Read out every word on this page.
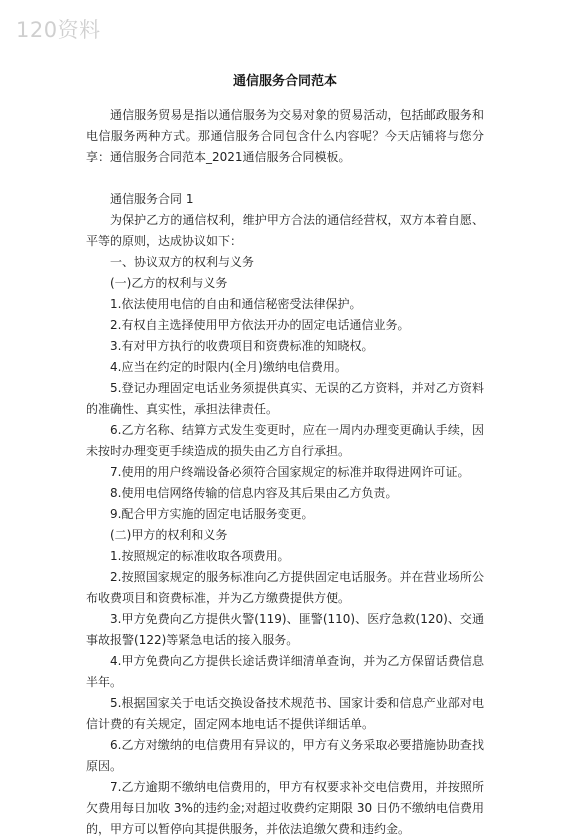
120资料
通信服务合同范本

通信服务贸易是指以通信服务为交易对象的贸易活动，包括邮政服务和电信服务两种方式。那通信服务合同包含什么内容呢？今天店铺将与您分享：通信服务合同范本_2021通信服务合同模板。

通信服务合同 1

为保护乙方的通信权利，维护甲方合法的通信经营权，双方本着自愿、平等的原则，达成协议如下：

一、协议双方的权利与义务

(一)乙方的权利与义务

1.依法使用电信的自由和通信秘密受法律保护。

2.有权自主选择使用甲方依法开办的固定电话通信业务。

3.有对甲方执行的收费项目和资费标准的知晓权。

4.应当在约定的时限内(全月)缴纳电信费用。

5.登记办理固定电话业务须提供真实、无误的乙方资料，并对乙方资料的准确性、真实性，承担法律责任。

6.乙方名称、结算方式发生变更时，应在一周内办理变更确认手续，因未按时办理变更手续造成的损失由乙方自行承担。

7.使用的用户终端设备必须符合国家规定的标准并取得进网许可证。

8.使用电信网络传输的信息内容及其后果由乙方负责。

9.配合甲方实施的固定电话服务变更。

(二)甲方的权利和义务

1.按照规定的标准收取各项费用。

2.按照国家规定的服务标准向乙方提供固定电话服务。并在营业场所公布收费项目和资费标准，并为乙方缴费提供方便。

3.甲方免费向乙方提供火警(119)、匪警(110)、医疗急救(120)、交通事故报警(122)等紧急电话的接入服务。

4.甲方免费向乙方提供长途话费详细清单查询，并为乙方保留话费信息半年。

5.根据国家关于电话交换设备技术规范书、国家计委和信息产业部对电信计费的有关规定，固定网本地电话不提供详细话单。

6.乙方对缴纳的电信费用有异议的，甲方有义务采取必要措施协助查找原因。

7.乙方逾期不缴纳电信费用的，甲方有权要求补交电信费用，并按照所欠费用每日加收 3%的违约金;对超过收费约定期限 30 日仍不缴纳电信费用的，甲方可以暂停向其提供服务，并依法追缴欠费和违约金。
